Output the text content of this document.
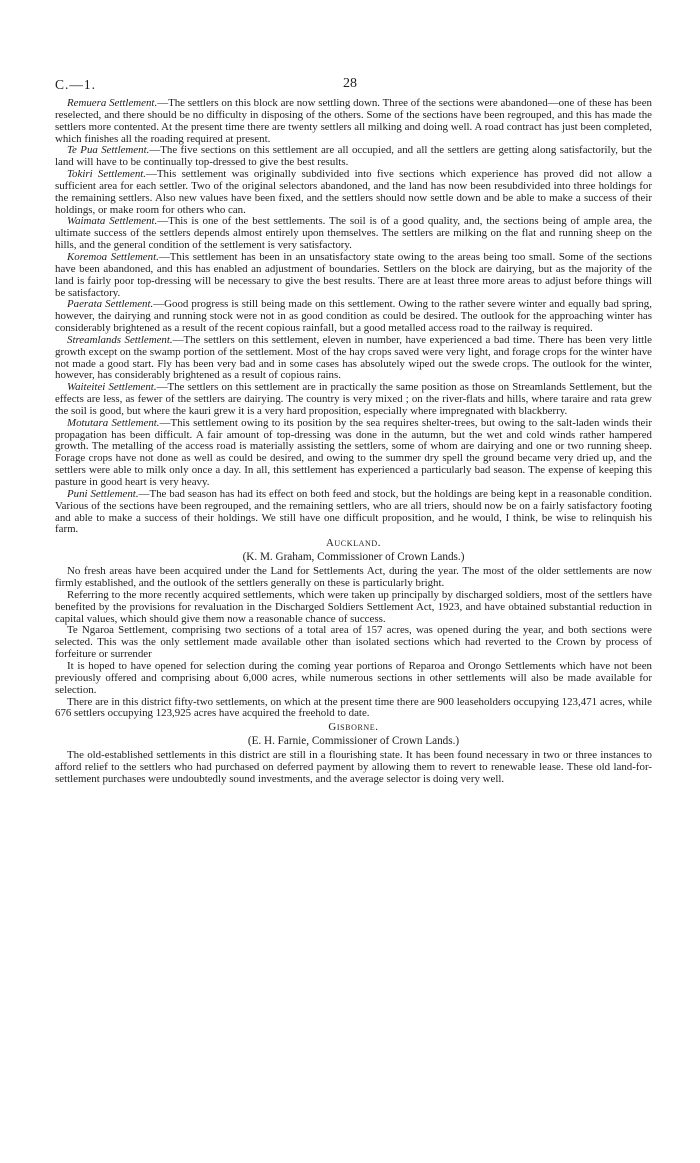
C.—1.	28

Remuera Settlement.—The settlers on this block are now settling down. Three of the sections were abandoned—one of these has been reselected, and there should be no difficulty in disposing of the others. Some of the sections have been regrouped, and this has made the settlers more contented. At the present time there are twenty settlers all milking and doing well. A road contract has just been completed, which finishes all the roading required at present.

Te Pua Settlement.—The five sections on this settlement are all occupied, and all the settlers are getting along satisfactorily, but the land will have to be continually top-dressed to give the best results.

Tokiri Settlement.—This settlement was originally subdivided into five sections which experience has proved did not allow a sufficient area for each settler. Two of the original selectors abandoned, and the land has now been resubdivided into three holdings for the remaining settlers. Also new values have been fixed, and the settlers should now settle down and be able to make a success of their holdings, or make room for others who can.

Waimata Settlement.—This is one of the best settlements. The soil is of a good quality, and, the sections being of ample area, the ultimate success of the settlers depends almost entirely upon themselves. The settlers are milking on the flat and running sheep on the hills, and the general condition of the settlement is very satisfactory.

Koremoa Settlement.—This settlement has been in an unsatisfactory state owing to the areas being too small. Some of the sections have been abandoned, and this has enabled an adjustment of boundaries. Settlers on the block are dairying, but as the majority of the land is fairly poor top-dressing will be necessary to give the best results. There are at least three more areas to adjust before things will be satisfactory.

Paerata Settlement.—Good progress is still being made on this settlement. Owing to the rather severe winter and equally bad spring, however, the dairying and running stock were not in as good condition as could be desired. The outlook for the approaching winter has considerably brightened as a result of the recent copious rainfall, but a good metalled access road to the railway is required.

Streamlands Settlement.—The settlers on this settlement, eleven in number, have experienced a bad time. There has been very little growth except on the swamp portion of the settlement. Most of the hay crops saved were very light, and forage crops for the winter have not made a good start. Fly has been very bad and in some cases has absolutely wiped out the swede crops. The outlook for the winter, however, has considerably brightened as a result of copious rains.

Waiteitei Settlement.—The settlers on this settlement are in practically the same position as those on Streamlands Settlement, but the effects are less, as fewer of the settlers are dairying. The country is very mixed ; on the river-flats and hills, where taraire and rata grew the soil is good, but where the kauri grew it is a very hard proposition, especially where impregnated with blackberry.

Motutara Settlement.—This settlement owing to its position by the sea requires shelter-trees, but owing to the salt-laden winds their propagation has been difficult. A fair amount of top-dressing was done in the autumn, but the wet and cold winds rather hampered growth. The metalling of the access road is materially assisting the settlers, some of whom are dairying and one or two running sheep. Forage crops have not done as well as could be desired, and owing to the summer dry spell the ground became very dried up, and the settlers were able to milk only once a day. In all, this settlement has experienced a particularly bad season. The expense of keeping this pasture in good heart is very heavy.

Puni Settlement.—The bad season has had its effect on both feed and stock, but the holdings are being kept in a reasonable condition. Various of the sections have been regrouped, and the remaining settlers, who are all triers, should now be on a fairly satisfactory footing and able to make a success of their holdings. We still have one difficult proposition, and he would, I think, be wise to relinquish his farm.

Auckland.
(K. M. Graham, Commissioner of Crown Lands.)

No fresh areas have been acquired under the Land for Settlements Act, during the year. The most of the older settlements are now firmly established, and the outlook of the settlers generally on these is particularly bright.

Referring to the more recently acquired settlements, which were taken up principally by discharged soldiers, most of the settlers have benefited by the provisions for revaluation in the Discharged Soldiers Settlement Act, 1923, and have obtained substantial reduction in capital values, which should give them now a reasonable chance of success.

Te Ngaroa Settlement, comprising two sections of a total area of 157 acres, was opened during the year, and both sections were selected. This was the only settlement made available other than isolated sections which had reverted to the Crown by process of forfeiture or surrender

It is hoped to have opened for selection during the coming year portions of Reparoa and Orongo Settlements which have not been previously offered and comprising about 6,000 acres, while numerous sections in other settlements will also be made available for selection.

There are in this district fifty-two settlements, on which at the present time there are 900 leaseholders occupying 123,471 acres, while 676 settlers occupying 123,925 acres have acquired the freehold to date.

Gisborne.
(E. H. Farnie, Commissioner of Crown Lands.)

The old-established settlements in this district are still in a flourishing state. It has been found necessary in two or three instances to afford relief to the settlers who had purchased on deferred payment by allowing them to revert to renewable lease. These old land-for-settlement purchases were undoubtedly sound investments, and the average selector is doing very well.
